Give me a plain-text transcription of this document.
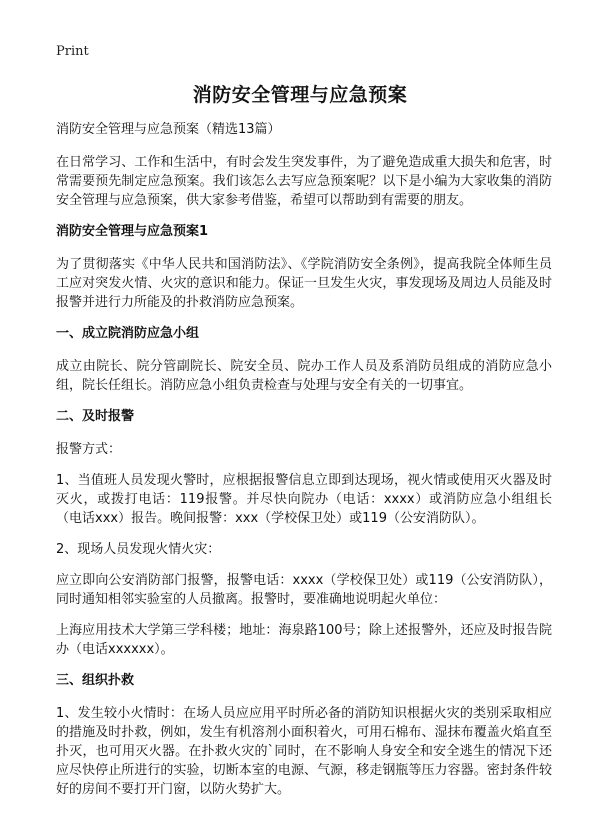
Print
消防安全管理与应急预案

消防安全管理与应急预案（精选13篇）

在日常学习、工作和生活中，有时会发生突发事件，为了避免造成重大损失和危害，时常需要预先制定应急预案。我们该怎么去写应急预案呢？以下是小编为大家收集的消防安全管理与应急预案，供大家参考借鉴，希望可以帮助到有需要的朋友。

消防安全管理与应急预案1

为了贯彻落实《中华人民共和国消防法》、《学院消防安全条例》，提高我院全体师生员工应对突发火情、火灾的意识和能力。保证一旦发生火灾，事发现场及周边人员能及时报警并进行力所能及的扑救消防应急预案。

一、成立院消防应急小组

成立由院长、院分管副院长、院安全员、院办工作人员及系消防员组成的消防应急小组，院长任组长。消防应急小组负责检查与处理与安全有关的一切事宜。

二、及时报警

报警方式：

1、当值班人员发现火警时，应根据报警信息立即到达现场，视火情或使用灭火器及时灭火，或拨打电话：119报警。并尽快向院办（电话：xxxx）或消防应急小组组长（电话xxx）报告。晚间报警：xxx（学校保卫处）或119（公安消防队）。

2、现场人员发现火情火灾：

应立即向公安消防部门报警，报警电话：xxxx（学校保卫处）或119（公安消防队），同时通知相邻实验室的人员撤离。报警时，要准确地说明起火单位：

上海应用技术大学第三学科楼；地址：海泉路100号；除上述报警外，还应及时报告院办（电话xxxxxx）。

三、组织扑救

1、发生较小火情时：在场人员应应用平时所必备的消防知识根据火灾的类别采取相应的措施及时扑救，例如，发生有机溶剂小面积着火，可用石棉布、湿抹布覆盖火焰直至扑灭，也可用灭火器。在扑救火灾的`同时，在不影响人身安全和安全逃生的情况下还应尽快停止所进行的实验，切断本室的电源、气源，移走钢瓶等压力容器。密封条件较好的房间不要打开门窗，以防火势扩大。
